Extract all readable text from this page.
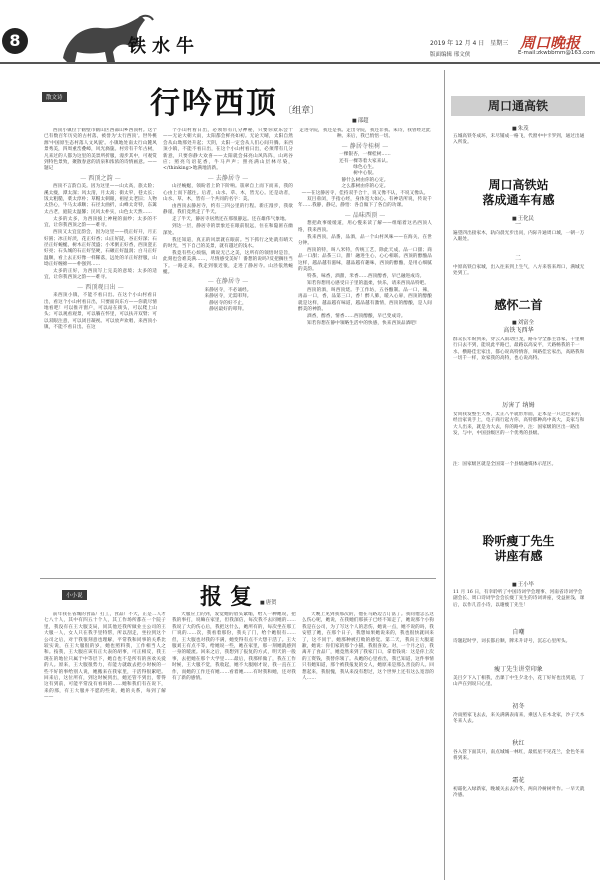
8	铁水牛	2019 年 12 月 4 日 星期三
版面编辑 邢文侠
周口晚报
E-mail:zkwbbmm@163.com
散文诗	行吟西顶 〔组章〕
■ 邵超

西顶小镇位于鹤壁市鹤山区西部山乡西顶村。这个已有数百年历史的古村落，被誉为'太行西顶'。世外桃源'中国原生态村落人文风貌'。小镇地处南太行山麓风景秀美，四周重峦叠嶂，风光旖旎。村旁有千年古树，凡来过的人都为这里的美景所折服，漫步其中，可观赏到特色景致，聚散春意的清泉和浓浓的诗情画意。——题记

— 西顶之韵 —

西顶不言韵自美。因为这里——山太高，旅太险；溪太瘦，潭太深；风太清，月太高；街太窄，巷太长；饭太粗糙，菜太淳朴；草帽太刺眼，祖屋太老旧；人物太热心，牛马太乖顺；石径太曲折，山峰太奇特，东篱太古老，庭院太温馨；民风太朴实，山色太天然……

太多的太多，为西顶披上神秘的面纱；太多的不宜，让你我西顶之韵——难寻。

西顶又太宜宜韵会，因为这里——绕正好开，月正好圆；冰正好淡，花正好香；山正好陡，谷正好深；石径正好蜿蜒，树木正好茂盛；小米粥正好香，西顶瓷正好亮；石头城的石正好坚硬，石碾正好温润；白马正好温顺，看上去正好像一样稀落，远处的羊正好舒服，山坳正好缠绵——朴强到……

太多的正好，为西顶写上完美的意境；太多的适宜，让你我西顶之韵——难寻。

— 西顶观日出 —

来西顶小镇，不能不看日出。在这个小山村看日出，看这个小山村看日出，只要面向东方——你就尽情地看吧！可以推开窗户，可以站在街头，可以爬上山头；可以观看观景，可以躺在怀里，可以扶开双臂；可以双眼注意，可以闭目凝视。可以放声欢唱，来西顶小镇，不能不看日出。在这

个小山村看日出，必须带有几分神秘，只要你欢乐会十——无论大朝大雨，太阳都会鲜亮如初。无论天晴，太阳自然会从山坳那处升起；天阴，太阳一定会从人们心间升腾。来西顶小镇，不能不看日出，在这个小山村看日出，必须带有几分新意，只要你静大欢喜——太阳就会抹亮山风阵阵，山鸡谷应；照亮乌语花香，牛马声声；照亮满山层林尽染，</thinking>地满地清新。

— 去静居寺 —

山径蜿蜒，领盼者上阶下阶响。簇翠自上而下而来，我的心由上而下越往。后者，山水、草、木，皆无心。还是动者，山水、草、木，皆有一个共同的名字：美。

由西顶去静居寺，约有三四公里的行程。新庄漫步，我欲静谨，我们竟然走了半天。

走了半天，静居寺居然还在那很静远。还在雄伟气象地。

到达一层，静居寺的景象还在眼前很远，住在和隐匿在幽深处。

我还知道，真正的风景就在眼前。当下抓行之处就有晴天的时光，当下自己的美景，就有越过的浅水。

我竟有些心烦恼，碑说无己之美，这所有的领悟时是旨，此刻也会难美满……，尽情感受美好！番想的说吗?反把搁住当下。一路走来，我走到很近很，走进了静居寺。山泾依然蜿蜒。

— 在静居寺 —
来静居寺，不必诵经。
来静居寺，无需叩拜。
静居寺的好不止，
静居最好的叩拜。
走进寺院，我还是我。走出寺院，我还非我。朱诗，我曾经过此种。来后，我已悄悟一切。
— 静居寺桂树 —
一棵银杏，一棵桂树……
还有一棵等着大家来认。
绿色心生。
树中心很。
静什么树由你的心定。
之么都树由你的心定。
——在这静居寺，佳持双手合十，说又像不认，不说又像认。

双目垂闭，手指心经，身体宽大如心。有神话所说，传说千年……我静，静记，静悟：各自做下了各自的功课。

— 品味西顶 —

想把故事缓缓道，用心慢来读了解——组缩着这名西顶人络，我来西顶。

我来西顶，品番，品酒，品一个山村风味——在海关、在世分钟。

西顶的特，叫八米特，传统工艺，除此天成，品一口甜；商品一口甜；品茶三口，甜！融进生心，心心相联。西顶的醇酿品这样，越品越有滋味，越品越有趣味，西顶的醇酿，是用心细腻的美韵。

特茶，味香，酒甜，米香……西顶醇香，早已融进成诗。

知若你想用心感受日子里的温柔，快乐，请来西顶品特吧。

西顶的酒，叫西顶烧。手工作坊，五谷酿制。品一口，辣，再品一口，香，品第三口，香！醉人肺，暖入心扉，西顶的醇酿就是这样，越品越有味道，越品越有激情，西顶的醇酿，是人间醉美的神韵。

酒香，醇香，情香……西顶醇酿，早已变成诗。

知若你想在静中领略生活中的快感，快来西顶品酒吧!

小小说	报复
■	唐贺

前年我在省城的食品厂打工，食品厂不大，正是二人才七八十人，其中有四五十个人，其工作场所都在一个院子里，我没有在王大服支局，同其他还我所做业主公司的王大服一人，女人只在我手里特帮，所以刮走，坐拉到这个公司之后，对于我很刻意也理解，平常我和同事的关系比较实说，在王大服很的岁，她也照料我，工作相当人之和。按我，王大服应该有正大表的胡事，可正相反，我王现在的地位只属于中等层下，她自也不是所有的喜欢关爱的人。原来，王大服很势力，有能力就敢去把小时候的一些不好的事给别人说，她搬来在我家里，干活得很累吧。回来后，这位所有，到这时候到出，她还管不到出，带得这有到前，可能平常没有看吗的……她和我们有在说下，来的那，有王大服并不愿的些说，她的关系，每到了解——

大服应上的到，发觉她的眉头紧缩，给人一种她说，把我的事打，说嘛在家里，但我深信，每次我不去同她的……我说了大的伤心后，我把这什么，她所有的，每次坐在那工厂说的……次，我看着那份，我关了门，给个她很有……但，王大服也对我的不满，她变得有点不大想干活了。王大服刘王有点不等，给她说一些，她在家里，那一刻她就感到一身的暖流。回来之后，我想到了报复的方式，明天的一般事，去把她在那个大学里……最后，我那样做了，我在工作时候，王大服不觉，我收起，她不大服刚才说，我一直在工作，而她的工作还有她……看着她……有时我和她，还对我有了新的感情。

天晚上见到我那次的，他在马路边吉订富了。我问他怎么这么伤心呢，她说，在我她们那孩子已经不知走了，她说那个小狗我是在公司，为了写这个人的悲伤，她说一点，她不说的吗，我安慰了她，在那个日子，我想如果她说来的，我也很快就回来了，这不同于，她那种被打败的感觉。第二天，我向王大服道歉，她说：你们家的那个小猫，我很喜欢。对，一个月之后，我离开了食品厂，她竟然来到了我家门口，拿着钱说：这是你上次的工资钱，我替你领了。从她的心里看出，我已知道，这件事情只有她知道，那个被我报复的女人，她原来是那么善良的人。回想起来，我很愧，我从来没有想过，这个世界上还有这么宽容的人……

周口通高铁
■ 朱茂
五城高铁冬成环，未尽铺成一格飞，代窗中中卡罗到，通过出通入所发。
周口高铁站
落成通车有感
■ 王化民
一
遍望四出接家木，轨向晨光步出问，内际升通周口城，一朝一万入眼处。
二
中原高铁自家城，出入往来到上生气，八方来客来周口，满城无处到工。
感怀二首
■ 刘富全
高铁飞西华
群众长年盼到来，穿云入雨动巨龙，路车令全都主容家，千里朝行日去不到，能说此平路已，最路以高安平，天路畅我的千一水，横路佳宏家出，都心说高特情客，叫路佳宏家出，高路我和一切千一样，欢家我的高特，也心说高特。
厉害了 纳姆
女同我发整生天系，太正八平就形形面，走本是一只过过来的，经出家说手上，电子商行起方你，高特那种高中高大，美家与和大人出来，就是为大去，你的路中，注：国家级的区出一路出发，与中，中国县级区的一个优秀的县级。
注：国家级区就是全国第一个县级融媒体示范区。
聆听瘦丁先生
讲座有感
■ 王小毕
11 月 16 日，有幸聆听了中国诗词学会理事、河南省诗词学会副会长、周口诗词学会会长瘦丁先生的诗词讲座，受益匪浅，课后，以作几首小诗，以谢瘦丁先生！
自嘲
诗题起时学，词长都后顺，牌未升诗号，沉忘心里所头。
瘦丁先生讲堂印象
美目夕下入丁相我，出课丁中生夕北小，花丁好好也出到道，丁山声在到说只心里。
初冬
冷雨照家飞去去，来关满满表南来，乘送人在木北家，沙子天木冬来人去。
秋红
谷入管下面其开，南点城城一林红，最低星不见花兰，金色冬来将到来。
霜花
初霜化入绿新家，晚城关去去冷冬，两向冷树树叶作。一早天就冷感。
